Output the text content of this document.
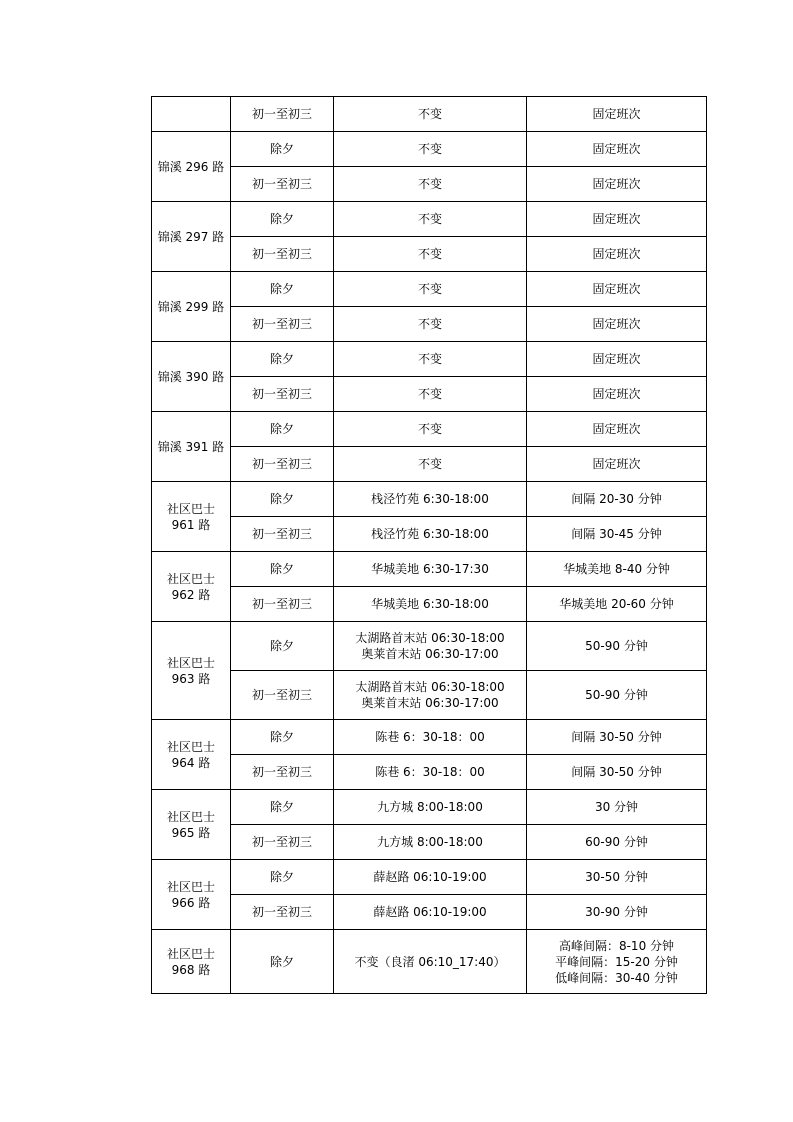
	初一至初三	不变	固定班次

锦溪 296 路	除夕	不变	固定班次

	初一至初三	不变	固定班次

锦溪 297 路	除夕	不变	固定班次

	初一至初三	不变	固定班次

锦溪 299 路	除夕	不变	固定班次

	初一至初三	不变	固定班次

锦溪 390 路	除夕	不变	固定班次

	初一至初三	不变	固定班次

锦溪 391 路	除夕	不变	固定班次

	初一至初三	不变	固定班次

社区巴士
961 路	除夕	栈泾竹苑 6:30-18:00	间隔 20-30 分钟

	初一至初三	栈泾竹苑 6:30-18:00	间隔 30-45 分钟

社区巴士
962 路	除夕	华城美地 6:30-17:30	华城美地 8-40 分钟

	初一至初三	华城美地 6:30-18:00	华城美地 20-60 分钟

社区巴士
963 路	除夕	太湖路首末站 06:30-18:00
奥莱首末站 06:30-17:00	50-90 分钟

	初一至初三	太湖路首末站 06:30-18:00
奥莱首末站 06:30-17:00	50-90 分钟

社区巴士
964 路	除夕	陈巷 6：30-18：00	间隔 30-50 分钟

	初一至初三	陈巷 6：30-18：00	间隔 30-50 分钟

社区巴士
965 路	除夕	九方城 8:00-18:00	30 分钟

	初一至初三	九方城 8:00-18:00	60-90 分钟

社区巴士
966 路	除夕	薛赵路 06:10-19:00	30-50 分钟

	初一至初三	薛赵路 06:10-19:00	30-90 分钟

社区巴士
968 路	除夕	不变（良渚 06:10_17:40）	高峰间隔：8-10 分钟
平峰间隔：15-20 分钟
低峰间隔：30-40 分钟
